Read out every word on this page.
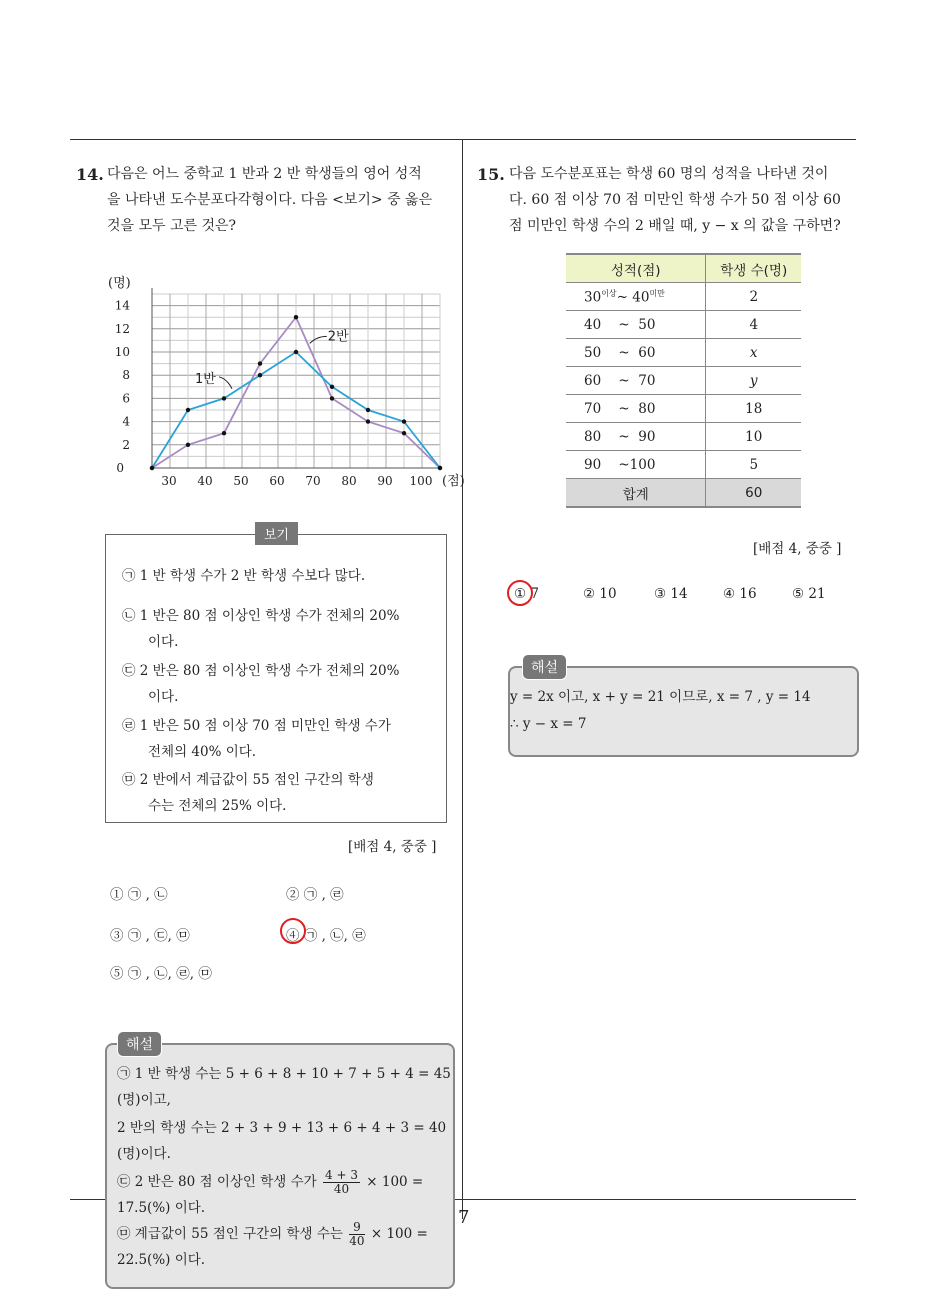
7
14. 다음은 어느 중학교 1 반과 2 반 학생들의 영어 성적
을 나타낸 도수분포다각형이다. 다음 <보기> 중 옳은
것을 모두 고른 것은?
0
2
4
6
8
10
12
14
30 40 50 60 70 80 90 100
(명)
(점)
1반
2반
㉠ 1 반 학생 수가 2 반 학생 수보다 많다.
㉡ 1 반은 80 점 이상인 학생 수가 전체의 20%
이다.
㉢ 2 반은 80 점 이상인 학생 수가 전체의 20%
이다.
㉣ 1 반은 50 점 이상 70 점 미만인 학생 수가
전체의 40% 이다.
㉤ 2 반에서 계급값이 55 점인 구간의 학생
수는 전체의 25% 이다.
보기
[배점 4, 중중 ]
① ㉠ , ㉡	② ㉠ , ㉣
③ ㉠ , ㉢, ㉤	④ ㉠ , ㉡, ㉣
⑤ ㉠ , ㉡, ㉣, ㉤
㉠ 1 반 학생 수는 5 + 6 + 8 + 10 + 7 + 5 + 4 = 45
(명)이고,
2 반의 학생 수는 2 + 3 + 9 + 13 + 6 + 4 + 3 = 40
(명)이다.
㉢ 2 반은 80 점 이상인 학생 수가 $\frac{4 + 3}{40} \times 100$ =
17.5(%) 이다.
㉤ 계급값이 55 점인 구간의 학생 수는 $\frac{9}{40} \times 100$ =
22.5(%) 이다.
해설
15. 다음 도수분포표는 학생 60 명의 성적을 나타낸 것이
다. 60 점 이상 70 점 미만인 학생 수가 50 점 이상 60
점 미만인 학생 수의 2 배일 때, y − x 의 값을 구하면?
성적(점)	학생 수(명)
$30^{이상}\sim$ $40^{미만}$	2
40    ~  50	4
50    ~  60	x
60    ~  70	y
70    ~  80	18
80    ~  90	10
90    ~100	5
합계	60
[배점 4, 중중 ]
① 7	② 10	③ 14	④ 16	⑤ 21
y = 2x 이고, x + y = 21 이므로, x = 7 , y = 14
∴ y − x = 7
해설
